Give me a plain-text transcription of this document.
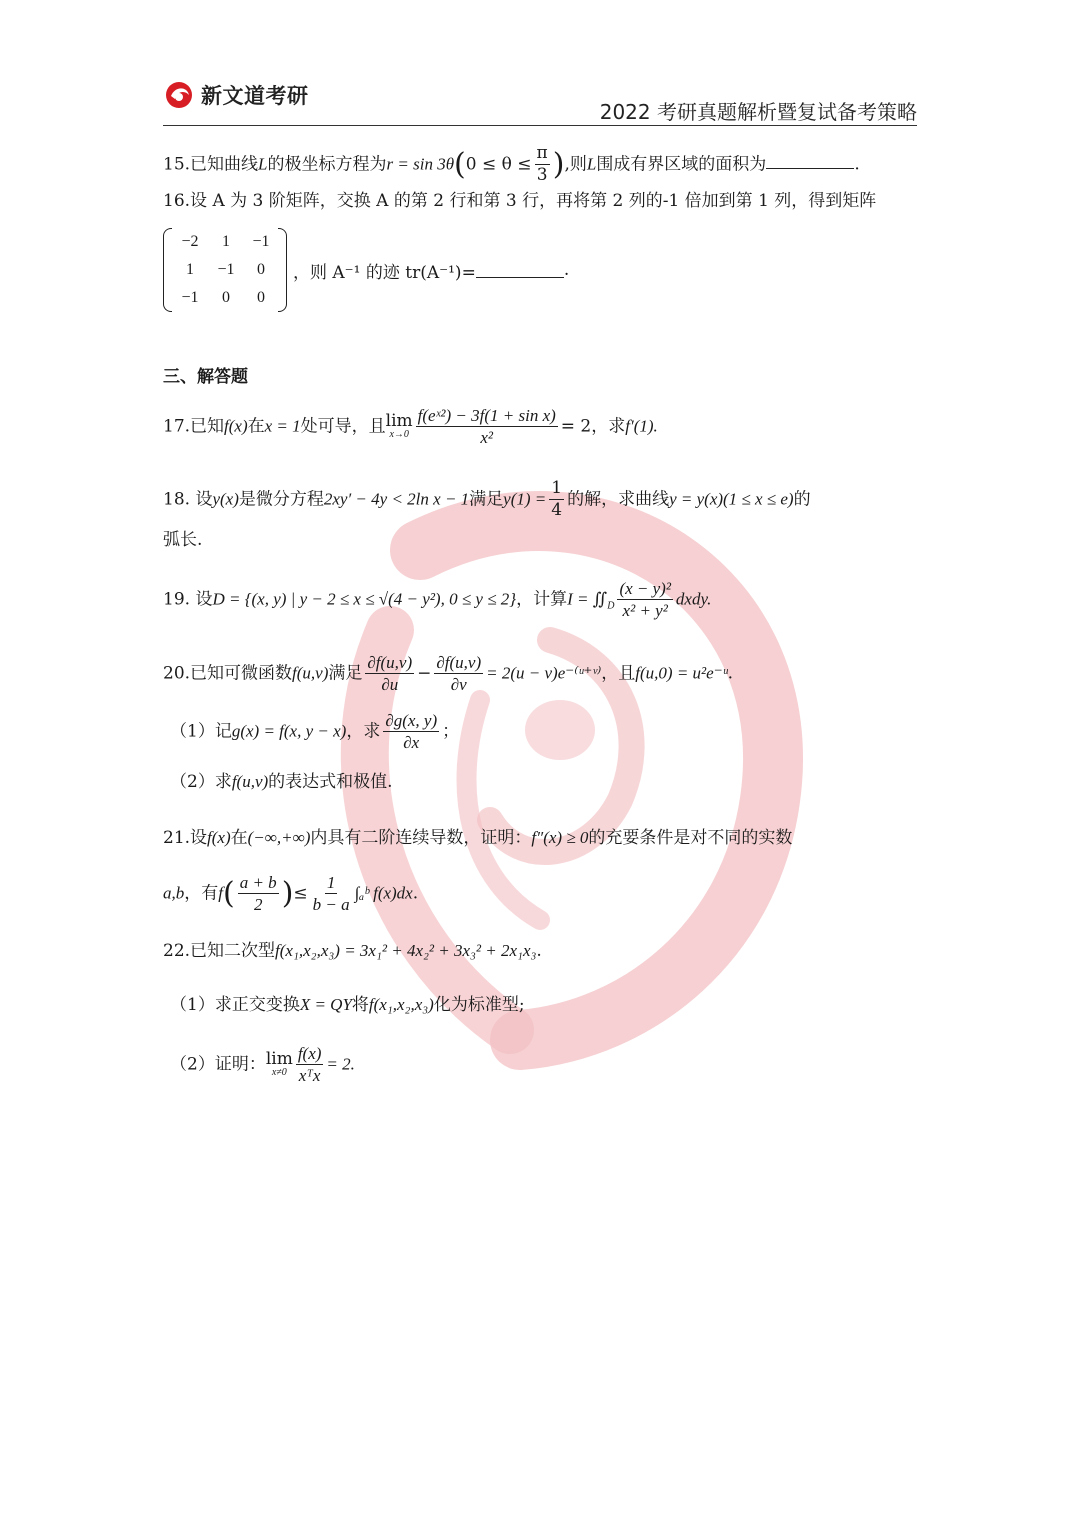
新文道考研
2022 考研真题解析暨复试备考策略
15.已知曲线L的极坐标方程为$r = \sin 3\theta(0 \le \theta \le \frac{\pi}{3}$ ),则L围成有界区域的面积为	.
16.设 A 为 3 阶矩阵，交换 A 的第 2 行和第 3 行，再将第 2 列的-1 倍加到第 1 列，得到矩阵
−2	1	−1
1	−1	0
−1	0	0
，则 A⁻¹ 的迹 tr(A⁻¹)=	.
三、解答题
17.已知f(x)在x = 1处可导，且 lim
$x\to 0 \frac{\text{f(eˣ²) − 3f(1 + sin x)}}{\text{x²}} = 2$，求f′(1).
18. 设y(x)是微分方程2xy′ − 4y < 2ln x − 1满足$y(1) = \frac{1}{4}$ 的解，求曲线y = y(x)(1 ≤ x ≤ e)的
弧长.
19. 设D = {(x, y) | y − 2 ≤ x ≤ √(4 − y²), 0 ≤ y ≤ 2}，计算$I = ∬_D \frac{\text{(x − y)²}}{\text{x² + y²}}$ dxdy.
20.已知可微函数f(u,v)满足 $\frac{\partial f(u,v)}{\partial u} - \frac{\partial f(u,v)}{\partial v} = 2(u$ − v)e⁻⁽ᵘ⁺ᵛ⁾，且f(u,0) = u²e⁻ᵘ.
（1）记g(x) = f(x, y − x)，求 $\frac{\partial g(x, y)}{\partial x}$ ；
（2）求f(u,v)的表达式和极值.
21.设f(x)在(−∞,+∞)内具有二阶连续导数，证明：f″(x) ≥ 0的充要条件是对不同的实数
a,b，有$f( \frac{a + b}{2}$ )≤ $\frac{1}{b - a}$ ∫ₐᵇ f(x)dx.
22.已知二次型f(x₁,x₂,x₃) = 3x₁² + 4x₂² + 3x₃² + 2x₁x₃.
（1）求正交变换X = QY将f(x₁,x₂,x₃)化为标准型;
（2）证明： lim
$x\ne 0 \frac{f(x)}{\text{xᵀx}} = 2$.
